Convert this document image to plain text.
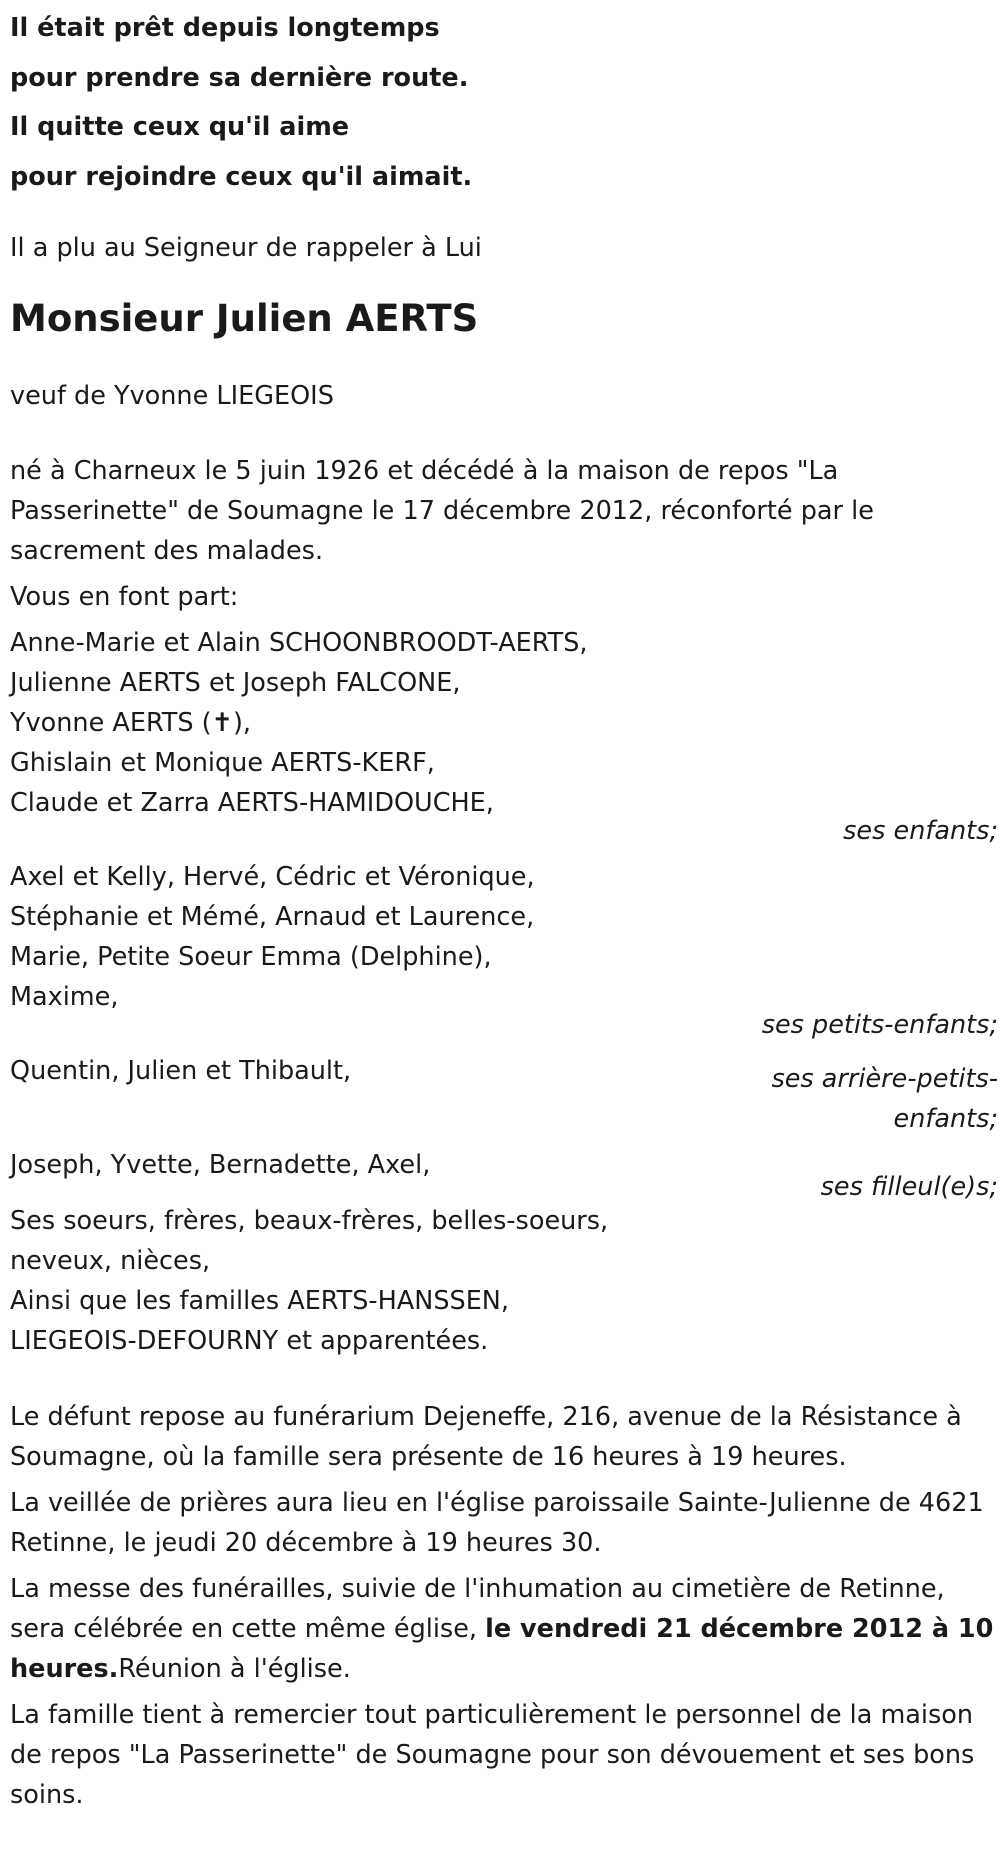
Il était prêt depuis longtemps
pour prendre sa dernière route.
Il quitte ceux qu'il aime
pour rejoindre ceux qu'il aimait.
Il a plu au Seigneur de rappeler à Lui
Monsieur Julien AERTS
veuf de Yvonne LIEGEOIS
né à Charneux le 5 juin 1926 et décédé à la maison de repos "La Passerinette" de Soumagne le 17 décembre 2012, réconforté par le sacrement des malades.
Vous en font part:
Anne-Marie et Alain SCHOONBROODT-AERTS,
Julienne AERTS et Joseph FALCONE,
Yvonne AERTS (✝),
Ghislain et Monique AERTS-KERF,
Claude et Zarra AERTS-HAMIDOUCHE,
ses enfants;
Axel et Kelly, Hervé, Cédric et Véronique,
Stéphanie et Mémé, Arnaud et Laurence,
Marie, Petite Soeur Emma (Delphine),
Maxime,
ses petits-enfants;
Quentin, Julien et Thibault,	ses arrière-petits-
enfants;
Joseph, Yvette, Bernadette, Axel,
ses filleul(e)s;
Ses soeurs, frères, beaux-frères, belles-soeurs,
neveux, nièces,
Ainsi que les familles AERTS-HANSSEN,
LIEGEOIS-DEFOURNY et apparentées.
Le défunt repose au funérarium Dejeneffe, 216, avenue de la Résistance à Soumagne, où la famille sera présente de 16 heures à 19 heures.
La veillée de prières aura lieu en l'église paroissaile Sainte-Julienne de 4621 Retinne, le jeudi 20 décembre à 19 heures 30.
La messe des funérailles, suivie de l'inhumation au cimetière de Retinne, sera célébrée en cette même église, le vendredi 21 décembre 2012 à 10 heures.Réunion à l'église.
La famille tient à remercier tout particulièrement le personnel de la maison de repos "La Passerinette" de Soumagne pour son dévouement et ses bons soins.
